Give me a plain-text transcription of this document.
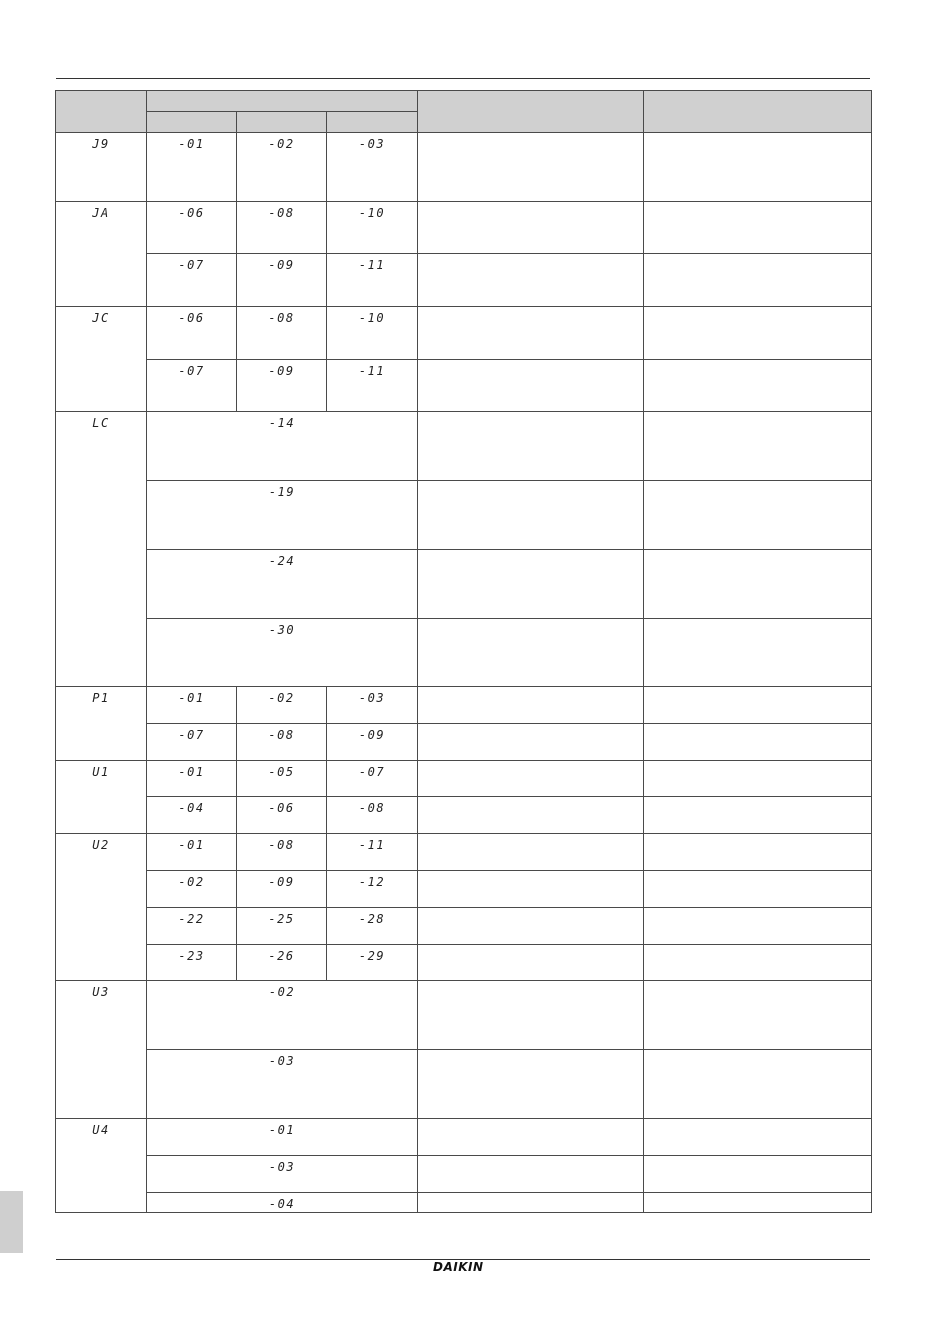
J9	-01	-02	-03		
JA	-06	-08	-10		
	-07	-09	-11		
JC	-06	-08	-10		
	-07	-09	-11		
LC	-14				
	-19				
	-24				
	-30				
P1	-01	-02	-03		
	-07	-08	-09		
U1	-01	-05	-07		
	-04	-06	-08		
U2	-01	-08	-11		
	-02	-09	-12		
	-22	-25	-28		
	-23	-26	-29		
U3	-02				
	-03				
U4	-01				
	-03				
	-04				
DAIKIN
